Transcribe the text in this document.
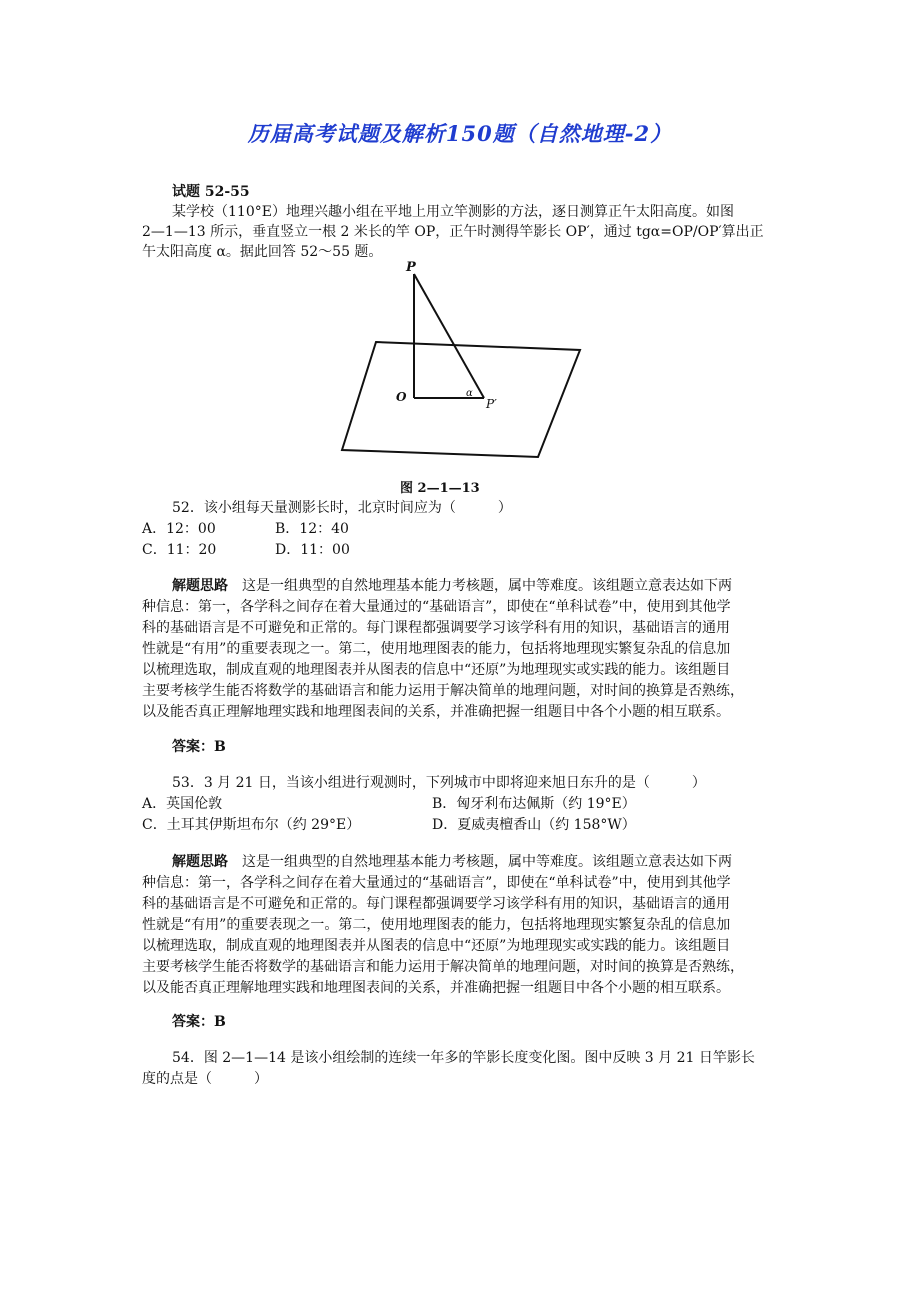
历届高考试题及解析150题（自然地理-2）
试题 52-55
某学校（110°E）地理兴趣小组在平地上用立竿测影的方法，逐日测算正午太阳高度。如图
2—1—13 所示，垂直竖立一根 2 米长的竿 OP，正午时测得竿影长 OP′，通过 tgα=OP/OP′算出正
午太阳高度 α。据此回答 52～55 题。
P
O	P′
α
图 2—1—13
52．该小组每天量测影长时，北京时间应为（　　　）
A．12：00	B．12：40
C．11：20	D．11：00
解题思路 这是一组典型的自然地理基本能力考核题，属中等难度。该组题立意表达如下两
种信息：第一，各学科之间存在着大量通过的“基础语言”，即使在“单科试卷”中，使用到其他学
科的基础语言是不可避免和正常的。每门课程都强调要学习该学科有用的知识，基础语言的通用
性就是“有用”的重要表现之一。第二，使用地理图表的能力，包括将地理现实繁复杂乱的信息加
以梳理选取，制成直观的地理图表并从图表的信息中“还原”为地理现实或实践的能力。该组题目
主要考核学生能否将数学的基础语言和能力运用于解决简单的地理问题，对时间的换算是否熟练，
以及能否真正理解地理实践和地理图表间的关系，并准确把握一组题目中各个小题的相互联系。
答案：B
53．3 月 21 日，当该小组进行观测时，下列城市中即将迎来旭日东升的是（　　　）
A．英国伦敦	B．匈牙利布达佩斯（约 19°E）
C．土耳其伊斯坦布尔（约 29°E）	D．夏威夷檀香山（约 158°W）
解题思路 这是一组典型的自然地理基本能力考核题，属中等难度。该组题立意表达如下两
种信息：第一，各学科之间存在着大量通过的“基础语言”，即使在“单科试卷”中，使用到其他学
科的基础语言是不可避免和正常的。每门课程都强调要学习该学科有用的知识，基础语言的通用
性就是“有用”的重要表现之一。第二，使用地理图表的能力，包括将地理现实繁复杂乱的信息加
以梳理选取，制成直观的地理图表并从图表的信息中“还原”为地理现实或实践的能力。该组题目
主要考核学生能否将数学的基础语言和能力运用于解决简单的地理问题，对时间的换算是否熟练，
以及能否真正理解地理实践和地理图表间的关系，并准确把握一组题目中各个小题的相互联系。
答案：B
54．图 2—1—14 是该小组绘制的连续一年多的竿影长度变化图。图中反映 3 月 21 日竿影长
度的点是（　　　）
